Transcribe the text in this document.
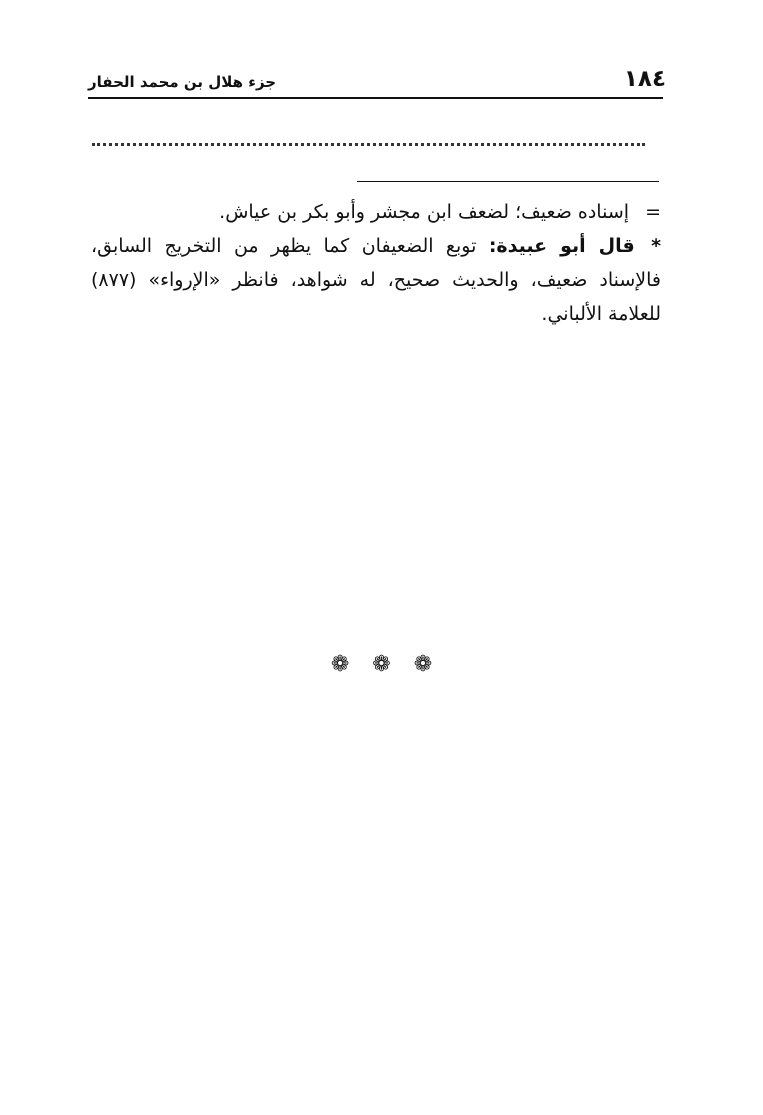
١٨٤
جزء هلال بن محمد الحفار

= إسناده ضعيف؛ لضعف ابن مجشر وأبو بكر بن عياش.

* قال أبو عبيدة: توبع الضعيفان كما يظهر من التخريج السابق، فالإسناد ضعيف، والحديث صحيح، له شواهد، فانظر «الإرواء» (٨٧٧) للعلامة الألباني.

❁ ❁ ❁
